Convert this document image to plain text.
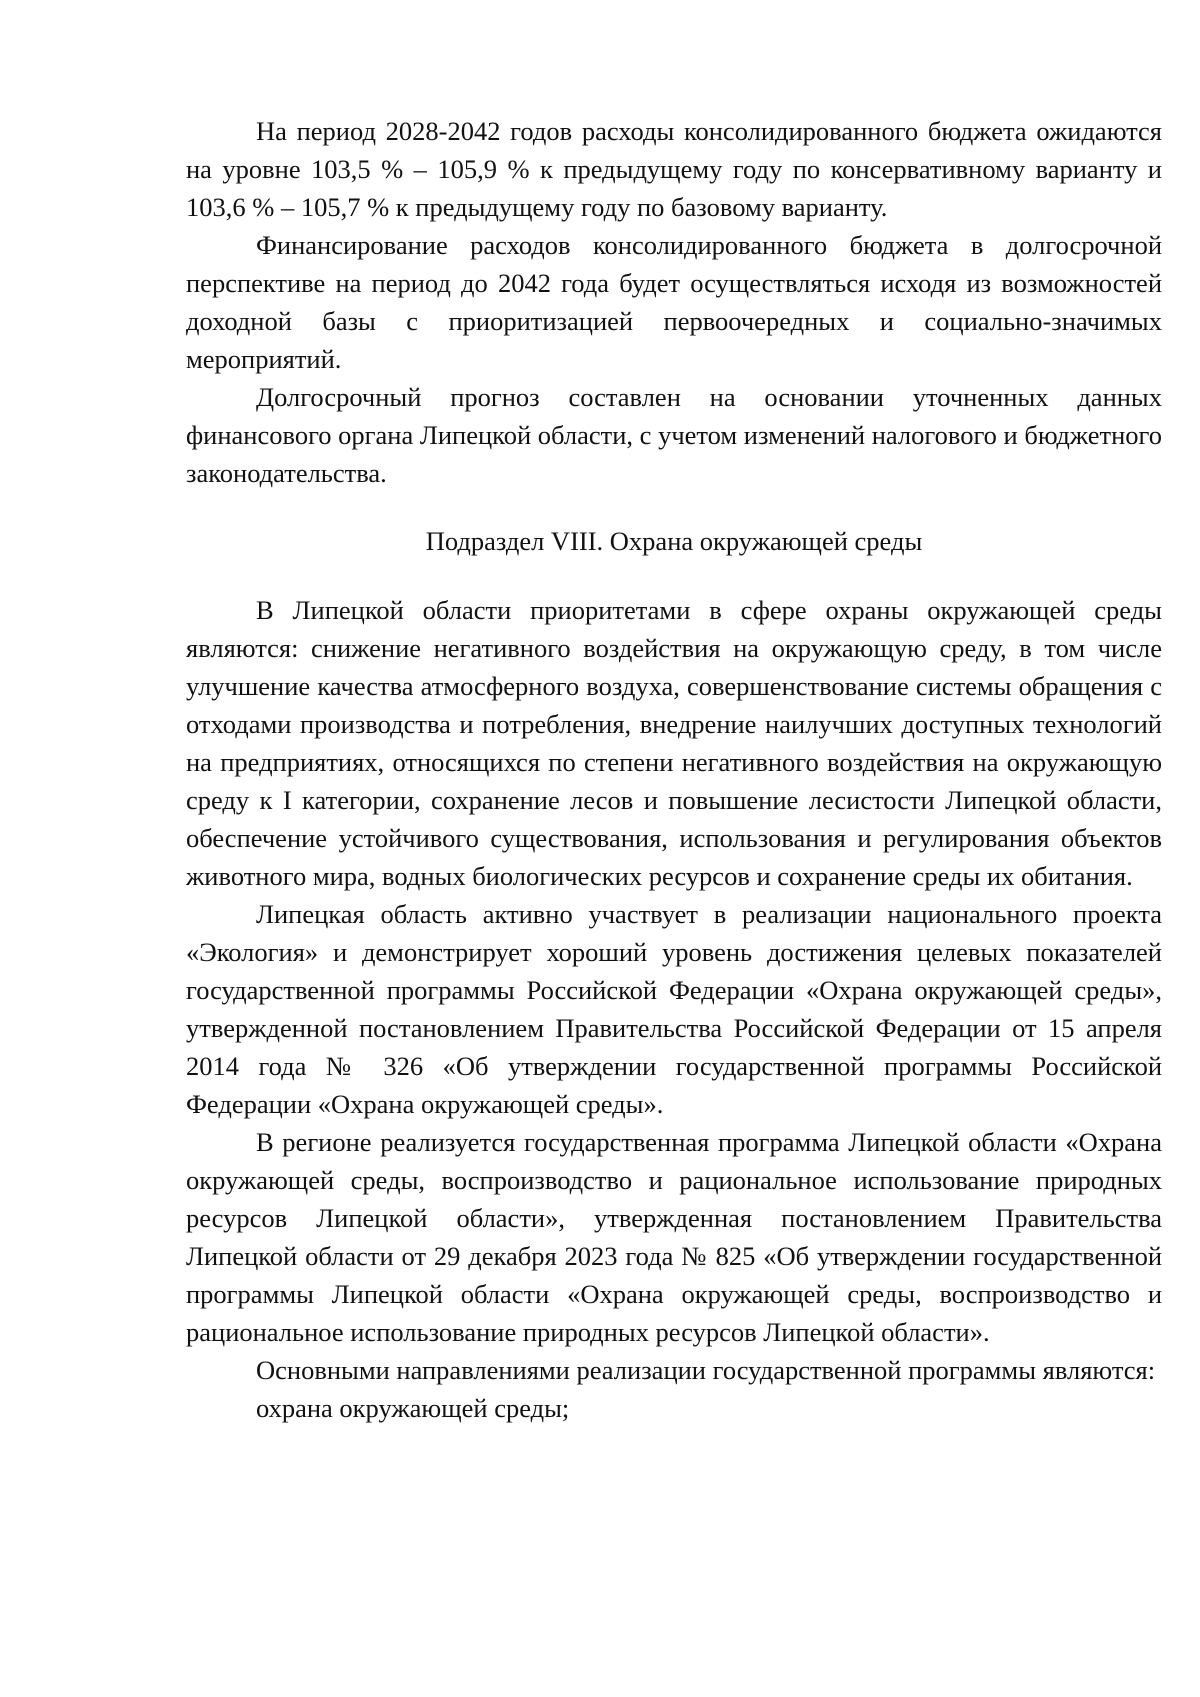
На период 2028-2042 годов расходы консолидированного бюджета ожидаются на уровне 103,5 % – 105,9 % к предыдущему году по консервативному варианту и 103,6 % – 105,7 % к предыдущему году по базовому варианту.

Финансирование расходов консолидированного бюджета в долгосрочной перспективе на период до 2042 года будет осуществляться исходя из возможностей доходной базы с приоритизацией первоочередных и социально-значимых мероприятий.

Долгосрочный прогноз составлен на основании уточненных данных финансового органа Липецкой области, с учетом изменений налогового и бюджетного законодательства.

Подраздел VIII. Охрана окружающей среды

В Липецкой области приоритетами в сфере охраны окружающей среды являются: снижение негативного воздействия на окружающую среду, в том числе улучшение качества атмосферного воздуха, совершенствование системы обращения с отходами производства и потребления, внедрение наилучших доступных технологий на предприятиях, относящихся по степени негативного воздействия на окружающую среду к I категории, сохранение лесов и повышение лесистости Липецкой области, обеспечение устойчивого существования, использования и регулирования объектов животного мира, водных биологических ресурсов и сохранение среды их обитания.

Липецкая область активно участвует в реализации национального проекта «Экология» и демонстрирует хороший уровень достижения целевых показателей государственной программы Российской Федерации «Охрана окружающей среды», утвержденной постановлением Правительства Российской Федерации от 15 апреля 2014 года № 326 «Об утверждении государственной программы Российской Федерации «Охрана окружающей среды».

В регионе реализуется государственная программа Липецкой области «Охрана окружающей среды, воспроизводство и рациональное использование природных ресурсов Липецкой области», утвержденная постановлением Правительства Липецкой области от 29 декабря 2023 года № 825 «Об утверждении государственной программы Липецкой области «Охрана окружающей среды, воспроизводство и рациональное использование природных ресурсов Липецкой области».

Основными направлениями реализации государственной программы являются:

охрана окружающей среды;
